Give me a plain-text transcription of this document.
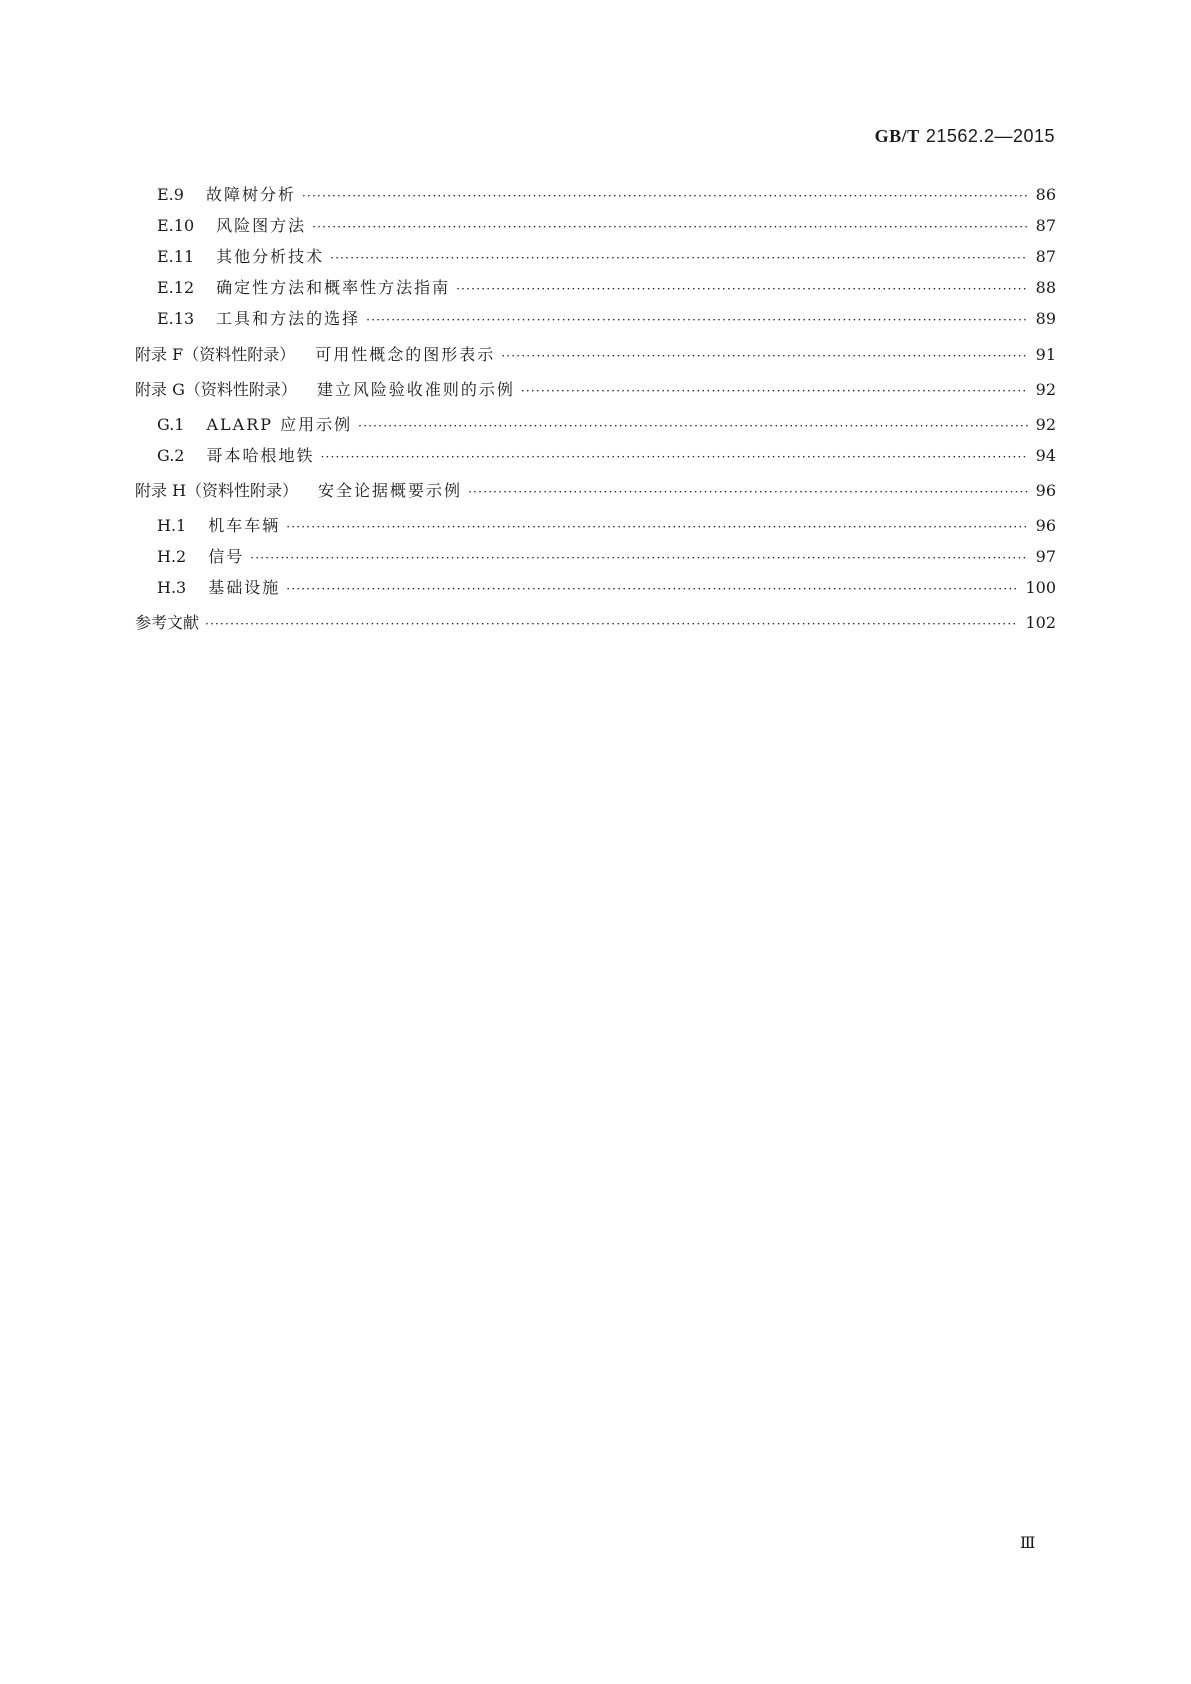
GB/T 21562.2—2015
E.9 故障树分析 ·····	86
E.10 风险图方法 ·····	87
E.11 其他分析技术 ·····	87
E.12 确定性方法和概率性方法指南 ·····	88
E.13 工具和方法的选择 ·····	89
附录 F（资料性附录） 可用性概念的图形表示 ·····	91
附录 G（资料性附录） 建立风险验收准则的示例 ·····	92
G.1 ALARP 应用示例 ·····	92
G.2 哥本哈根地铁 ·····	94
附录 H（资料性附录） 安全论据概要示例 ·····	96
H.1 机车车辆 ·····	96
H.2 信号 ·····	97
H.3 基础设施 ·····	100
参考文献 ·····	102
Ⅲ
